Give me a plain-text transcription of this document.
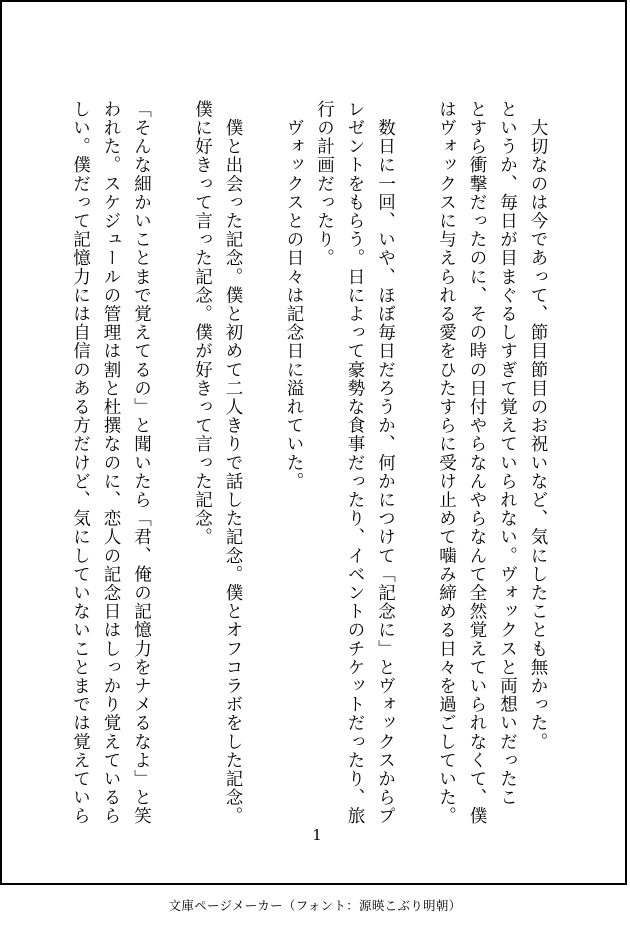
　大切なのは今であって、節目節目のお祝いなど、気にしたことも無かった。
というか、毎日が目まぐるしすぎて覚えていられない。ヴォックスと両想いだったこ
とすら衝撃だったのに、その時の日付やらなんやらなんて全然覚えていられなくて、僕
はヴォックスに与えられる愛をひたすらに受け止めて噛み締める日々を過ごしていた。
　数日に一回、いや、ほぼ毎日だろうか、何かにつけて「記念に」とヴォックスからプ
レゼントをもらう。日によって豪勢な食事だったり、イベントのチケットだったり、旅
行の計画だったり。
　ヴォックスとの日々は記念日に溢れていた。
　僕と出会った記念。僕と初めて二人きりで話した記念。僕とオフコラボをした記念。
僕に好きって言った記念。僕が好きって言った記念。
「そんな細かいことまで覚えてるの」と聞いたら「君、俺の記憶力をナメるなよ」と笑
われた。スケジュールの管理は割と杜撰なのに、恋人の記念日はしっかり覚えているら
しい。僕だって記憶力には自信のある方だけど、気にしていないことまでは覚えていら
1
文庫ページメーカー（フォント：源暎こぶり明朝）
